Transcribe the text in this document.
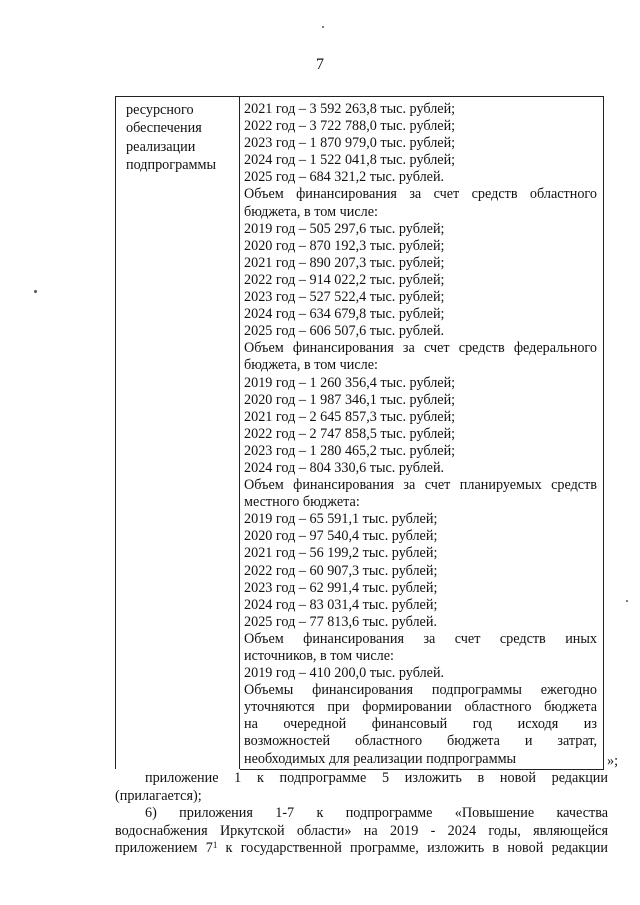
7
ресурсного
обеспечения
реализации
подпрограммы
2021 год – 3 592 263,8 тыс. рублей;
2022 год – 3 722 788,0 тыс. рублей;
2023 год – 1 870 979,0 тыс. рублей;
2024 год – 1 522 041,8 тыс. рублей;
2025 год – 684 321,2 тыс. рублей.
Объем финансирования за счет средств областного
бюджета, в том числе:
2019 год – 505 297,6 тыс. рублей;
2020 год – 870 192,3 тыс. рублей;
2021 год – 890 207,3 тыс. рублей;
2022 год – 914 022,2 тыс. рублей;
2023 год – 527 522,4 тыс. рублей;
2024 год – 634 679,8 тыс. рублей;
2025 год – 606 507,6 тыс. рублей.
Объем финансирования за счет средств федерального
бюджета, в том числе:
2019 год – 1 260 356,4 тыс. рублей;
2020 год – 1 987 346,1 тыс. рублей;
2021 год – 2 645 857,3 тыс. рублей;
2022 год – 2 747 858,5 тыс. рублей;
2023 год – 1 280 465,2 тыс. рублей;
2024 год – 804 330,6 тыс. рублей.
Объем финансирования за счет планируемых средств
местного бюджета:
2019 год – 65 591,1 тыс. рублей;
2020 год – 97 540,4 тыс. рублей;
2021 год – 56 199,2 тыс. рублей;
2022 год – 60 907,3 тыс. рублей;
2023 год – 62 991,4 тыс. рублей;
2024 год – 83 031,4 тыс. рублей;
2025 год – 77 813,6 тыс. рублей.
Объем финансирования за счет средств иных
источников, в том числе:
2019 год – 410 200,0 тыс. рублей.
Объемы финансирования подпрограммы ежегодно
уточняются при формировании областного бюджета
на очередной финансовый год исходя из
возможностей областного бюджета и затрат,
необходимых для реализации подпрограммы	»;
приложение 1 к подпрограмме 5 изложить в новой редакции
(прилагается);
6) приложения 1-7 к подпрограмме «Повышение качества
водоснабжения Иркутской области» на 2019 - 2024 годы, являющейся
приложением $7^1$ к государственной программе, изложить в новой редакции
